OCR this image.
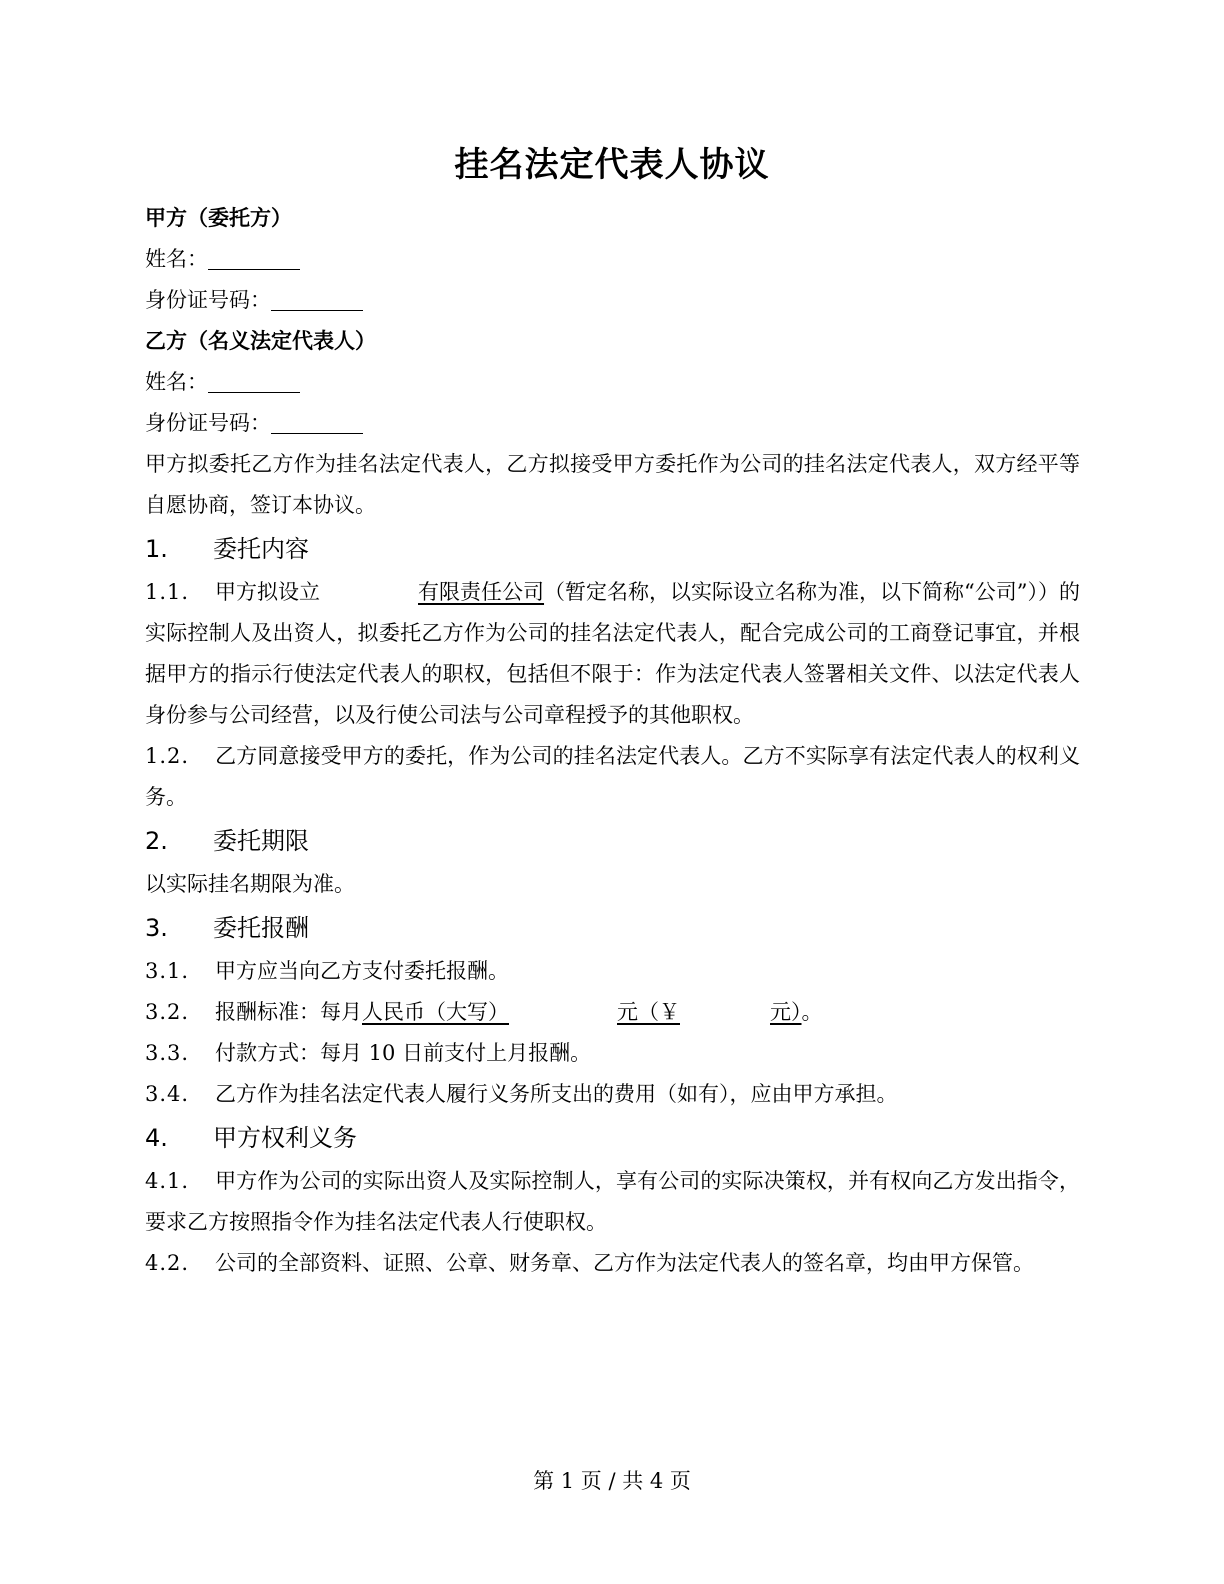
挂名法定代表人协议
甲方（委托方）
姓名：
身份证号码：
乙方（名义法定代表人）
姓名：
身份证号码：
甲方拟委托乙方作为挂名法定代表人，乙方拟接受甲方委托作为公司的挂名法定代表人，双方经平等自愿协商，签订本协议。
1.	委托内容
1.1. 甲方拟设立	有限责任公司（暂定名称，以实际设立名称为准，以下简称“公司”））的实际控制人及出资人，拟委托乙方作为公司的挂名法定代表人，配合完成公司的工商登记事宜，并根据甲方的指示行使法定代表人的职权，包括但不限于：作为法定代表人签署相关文件、以法定代表人身份参与公司经营，以及行使公司法与公司章程授予的其他职权。
1.2. 乙方同意接受甲方的委托，作为公司的挂名法定代表人。乙方不实际享有法定代表人的权利义务。
2.	委托期限
以实际挂名期限为准。
3.	委托报酬
3.1. 甲方应当向乙方支付委托报酬。
3.2. 报酬标准：每月人民币（大写）	元（￥	元）。
3.3. 付款方式：每月 10 日前支付上月报酬。
3.4. 乙方作为挂名法定代表人履行义务所支出的费用（如有），应由甲方承担。
4.	甲方权利义务
4.1. 甲方作为公司的实际出资人及实际控制人，享有公司的实际决策权，并有权向乙方发出指令，要求乙方按照指令作为挂名法定代表人行使职权。
4.2. 公司的全部资料、证照、公章、财务章、乙方作为法定代表人的签名章，均由甲方保管。
第 1 页 / 共 4 页
